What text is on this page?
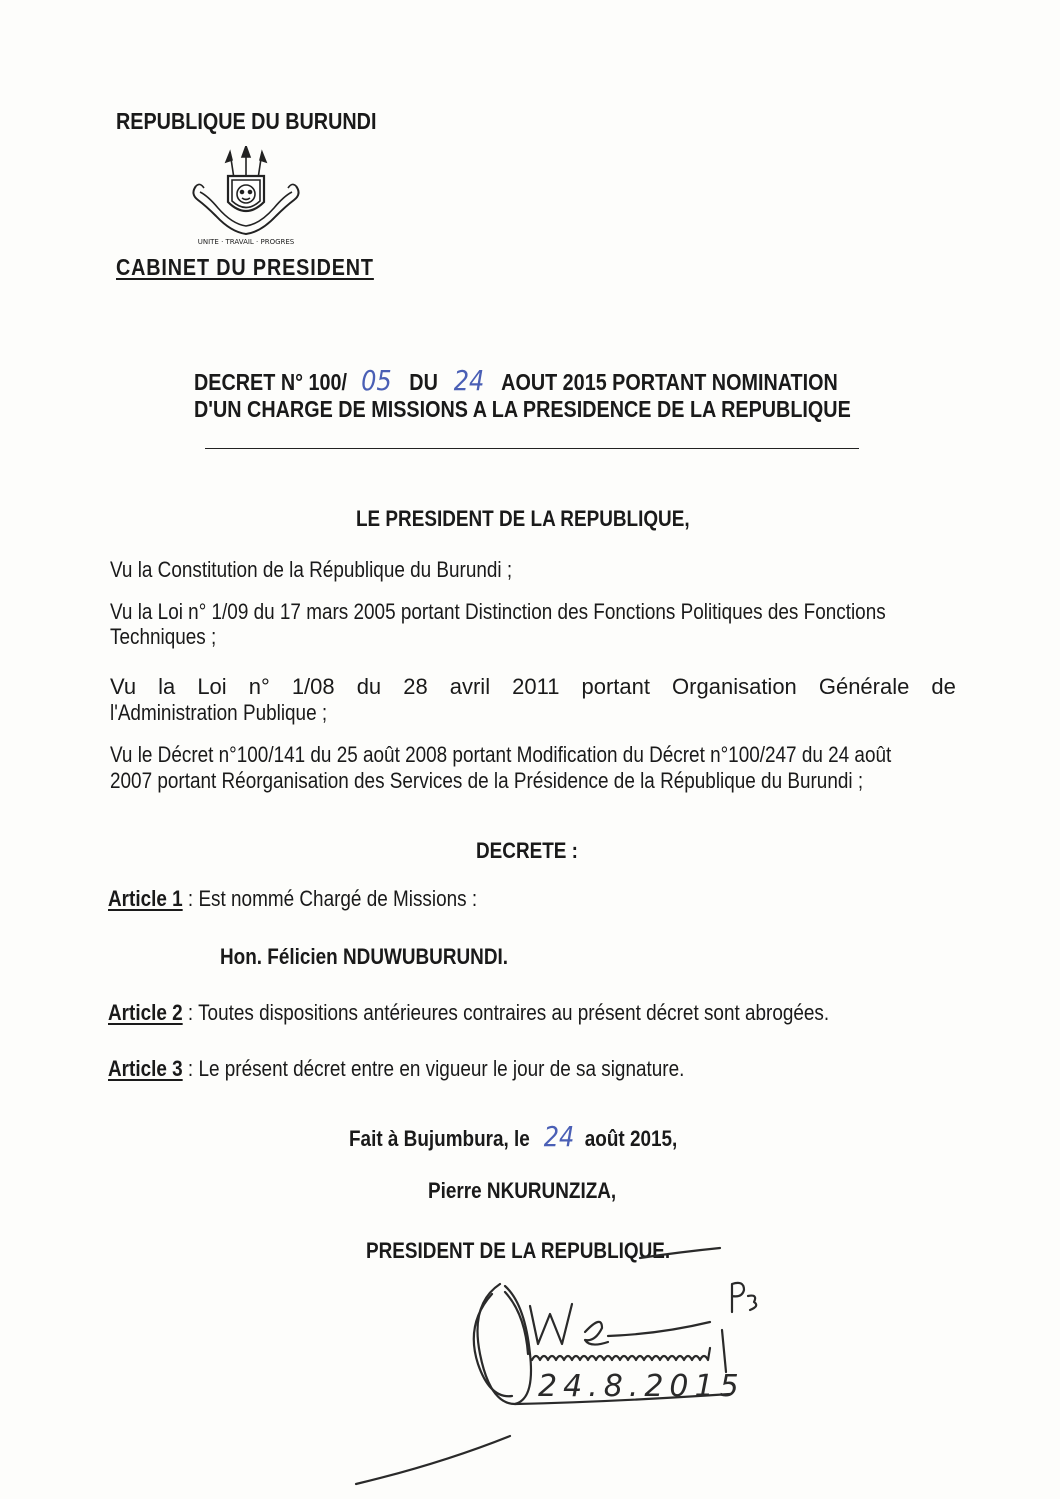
REPUBLIQUE DU BURUNDI
UNITE · TRAVAIL · PROGRES
CABINET DU PRESIDENT
DECRET N° 100/ 05 DU 24 AOUT 2015 PORTANT NOMINATION
D'UN CHARGE DE MISSIONS A LA PRESIDENCE DE LA REPUBLIQUE
LE PRESIDENT DE LA REPUBLIQUE,
Vu la Constitution de la République du Burundi ;
Vu la Loi n° 1/09 du 17 mars 2005 portant Distinction des Fonctions Politiques des Fonctions
Techniques ;
Vu la Loi n° 1/08 du 28 avril 2011 portant Organisation Générale de
l'Administration Publique ;
Vu le Décret n°100/141 du 25 août 2008 portant Modification du Décret n°100/247 du 24 août
2007 portant Réorganisation des Services de la Présidence de la République du Burundi ;
DECRETE :
Article 1 : Est nommé Chargé de Missions :
Hon. Félicien NDUWUBURUNDI.
Article 2 : Toutes dispositions antérieures contraires au présent décret sont abrogées.
Article 3 : Le présent décret entre en vigueur le jour de sa signature.
Fait à Bujumbura, le 24 août 2015,
Pierre NKURUNZIZA,
PRESIDENT DE LA REPUBLIQUE.
24.8.2015
